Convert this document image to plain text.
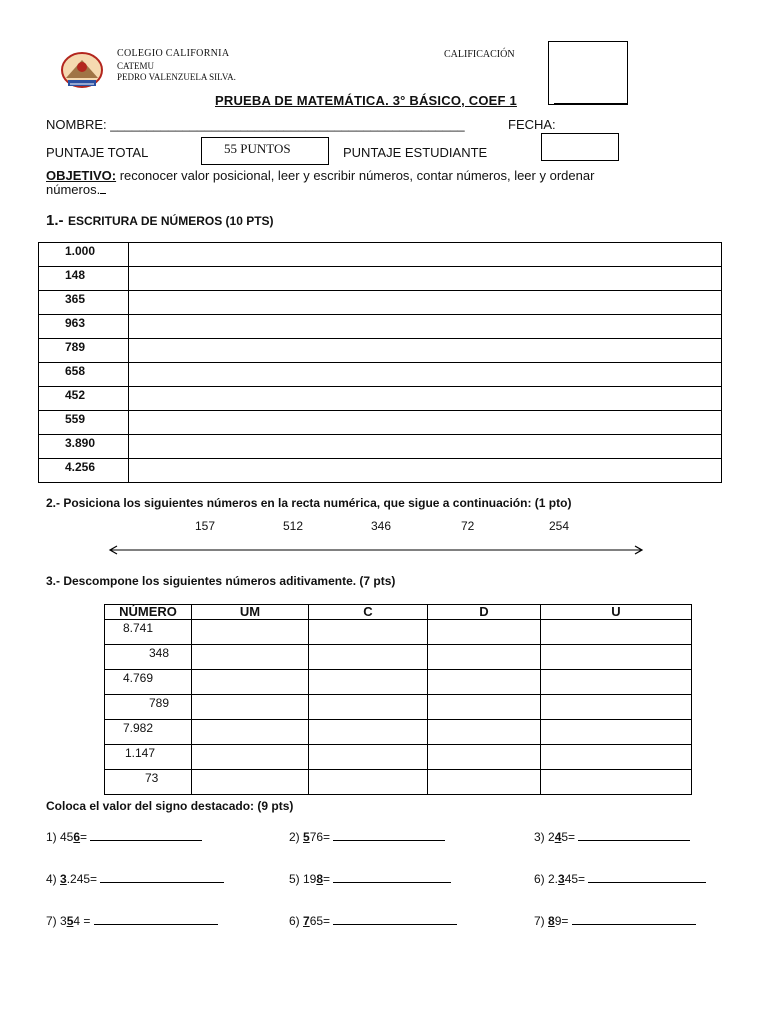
COLEGIO CALIFORNIA
CATEMU
PEDRO VALENZUELA SILVA.
CALIFICACIÓN
PRUEBA DE MATEMÁTICA. 3° BÁSICO, COEF 1
NOMBRE: _________________________________________________	FECHA:
PUNTAJE TOTAL	55 PUNTOS	PUNTAJE ESTUDIANTE
OBJETIVO: reconocer valor posicional, leer y escribir números, contar números, leer y ordenar
números.
1.- ESCRITURA DE NÚMEROS (10 PTS)
1.000	
148	
365	
963	
789	
658	
452	
559	
3.890	
4.256	
2.- Posiciona los siguientes números en la recta numérica, que sigue a continuación: (1 pto)
157	512	346	72	254
3.- Descompone los siguientes números aditivamente. (7 pts)
NÚMERO	UM	C	D	U
8.741				
348				
4.769				
789				
7.982				
1.147				
73				
Coloca el valor del signo destacado: (9 pts)
1) 456=	2) 576=	3) 245=
4) 3.245=	5) 198=	6) 2.345=
7) 354 =	6) 765=	7) 89=
